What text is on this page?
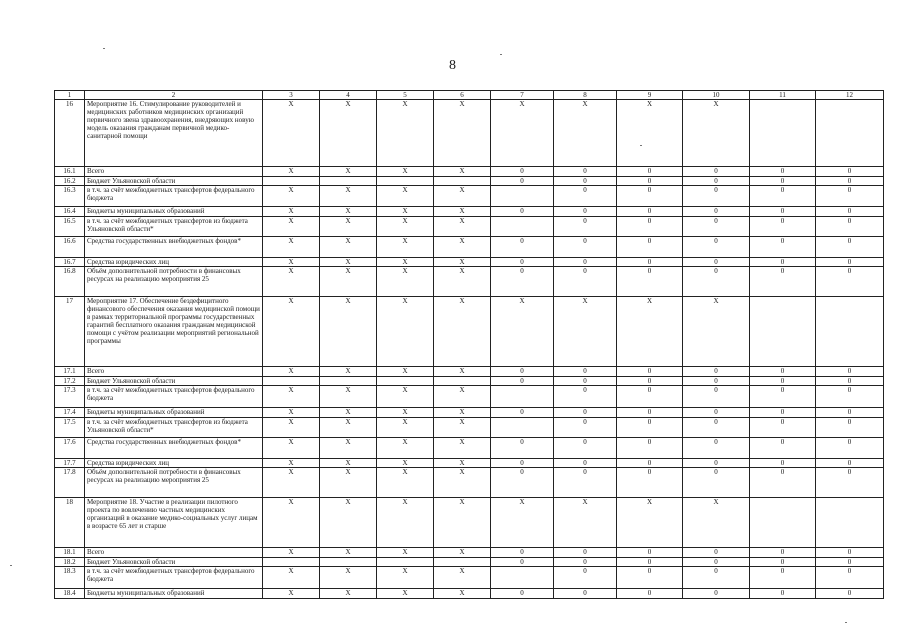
8
1	2	3	4	5	6	7	8	9	10	11	12
16	Мероприятие 16. Стимулирование руководителей и медицинских работников медицинских организаций первичного звена здравоохранения, внедряющих новую модель оказания гражданам первичной медико-санитарной помощи	X	X	X	X	X	X	X	X		
16.1	Всего	X	X	X	X	0	0	0	0	0	0
16.2	Бюджет Ульяновской области					0	0	0	0	0	0
16.3	в т.ч. за счёт межбюджетных трансфертов федерального бюджета	X	X	X	X		0	0	0	0	0
16.4	Бюджеты муниципальных образований	X	X	X	X	0	0	0	0	0	0
16.5	в т.ч. за счёт межбюджетных трансфертов из бюджета Ульяновской области*	X	X	X	X		0	0	0	0	0
16.6	Средства государственных внебюджетных фондов*	X	X	X	X	0	0	0	0	0	0
16.7	Средства юридических лиц	X	X	X	X	0	0	0	0	0	0
16.8	Объём дополнительной потребности в финансовых ресурсах на реализацию мероприятия 25	X	X	X	X	0	0	0	0	0	0
17	Мероприятие 17. Обеспечение бездефицитного финансового обеспечения оказания медицинской помощи в рамках территориальной программы государственных гарантий бесплатного оказания гражданам медицинской помощи с учётом реализации мероприятий региональной программы	X	X	X	X	X	X	X	X		
17.1	Всего	X	X	X	X	0	0	0	0	0	0
17.2	Бюджет Ульяновской области					0	0	0	0	0	0
17.3	в т.ч. за счёт межбюджетных трансфертов федерального бюджета	X	X	X	X		0	0	0	0	0
17.4	Бюджеты муниципальных образований	X	X	X	X	0	0	0	0	0	0
17.5	в т.ч. за счёт межбюджетных трансфертов из бюджета Ульяновской области*	X	X	X	X		0	0	0	0	0
17.6	Средства государственных внебюджетных фондов*	X	X	X	X	0	0	0	0	0	0
17.7	Средства юридических лиц	X	X	X	X	0	0	0	0	0	0
17.8	Объём дополнительной потребности в финансовых ресурсах на реализацию мероприятия 25	X	X	X	X	0	0	0	0	0	0
18	Мероприятие 18. Участие в реализации пилотного проекта по вовлечению частных медицинских организаций в оказание медико-социальных услуг лицам в возрасте 65 лет и старше	X	X	X	X	X	X	X	X		
18.1	Всего	X	X	X	X	0	0	0	0	0	0
18.2	Бюджет Ульяновской области					0	0	0	0	0	0
18.3	в т.ч. за счёт межбюджетных трансфертов федерального бюджета	X	X	X	X		0	0	0	0	0
18.4	Бюджеты муниципальных образований	X	X	X	X	0	0	0	0	0	0
